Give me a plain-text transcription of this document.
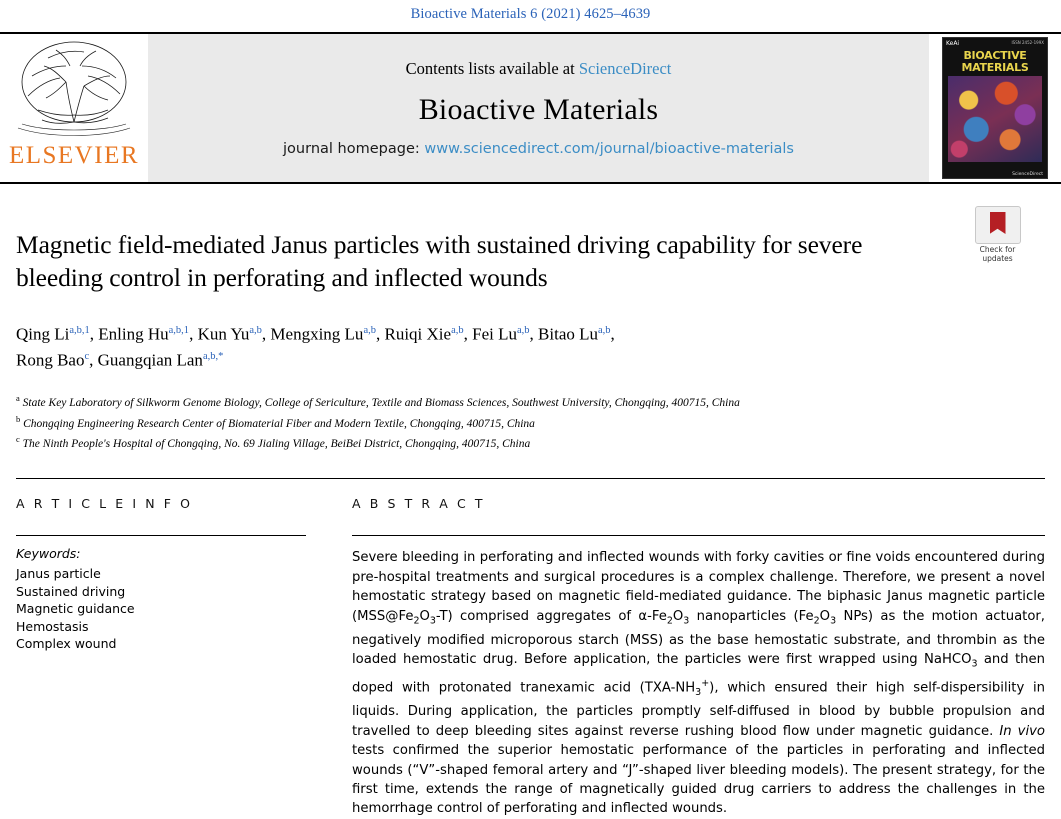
Bioactive Materials 6 (2021) 4625–4639
ELSEVIER
Contents lists available at ScienceDirect
Bioactive Materials
journal homepage: www.sciencedirect.com/journal/bioactive-materials
KeAi	ISSN 2452-199X
BIOACTIVE
MATERIALS
ScienceDirect
Check for
updates
Magnetic field-mediated Janus particles with sustained driving capability for severe bleeding control in perforating and inflected wounds
Qing Li$^{a,b,1}$, Enling Hu$^{a,b,1}$, Kun Yu$^{a,b}$, Mengxing Lu$^{a,b}$, Ruiqi Xie$^{a,b}$, Fei Lu$^{a,b}$, Bitao Lu$^{a,b}$,
Rong Bao$^c$, Guangqian Lan$^{a,b,*}$
$^a$ State Key Laboratory of Silkworm Genome Biology, College of Sericulture, Textile and Biomass Sciences, Southwest University, Chongqing, 400715, China
$^b$ Chongqing Engineering Research Center of Biomaterial Fiber and Modern Textile, Chongqing, 400715, China
$^c$ The Ninth People's Hospital of Chongqing, No. 69 Jialing Village, BeiBei District, Chongqing, 400715, China
A R T I C L E I N F O
Keywords:
Janus particle
Sustained driving
Magnetic guidance
Hemostasis
Complex wound
A B S T R A C T
Severe bleeding in perforating and inflected wounds with forky cavities or fine voids encountered during pre-hospital treatments and surgical procedures is a complex challenge. Therefore, we present a novel hemostatic strategy based on magnetic field-mediated guidance. The biphasic Janus magnetic particle $(MSS@Fe_2O_3-T)$ comprised aggregates of $\alpha-Fe_2O_3$ nanoparticles ($Fe_2O_3$ NPs) as the motion actuator, negatively modified microporous starch (MSS) as the base hemostatic substrate, and thrombin as the loaded hemostatic drug. Before application, the particles were first wrapped using NaHCO$_3$ and then doped with protonated tranexamic acid $(TXA-NH_3^+)$, which ensured their high self-dispersibility in liquids. During application, the particles promptly self-diffused in blood by bubble propulsion and travelled to deep bleeding sites against reverse rushing blood flow under magnetic guidance. In vivo tests confirmed the superior hemostatic performance of the particles in perforating and inflected wounds (“V”-shaped femoral artery and “J”-shaped liver bleeding models). The present strategy, for the first time, extends the range of magnetically guided drug carriers to address the challenges in the hemorrhage control of perforating and inflected wounds.
